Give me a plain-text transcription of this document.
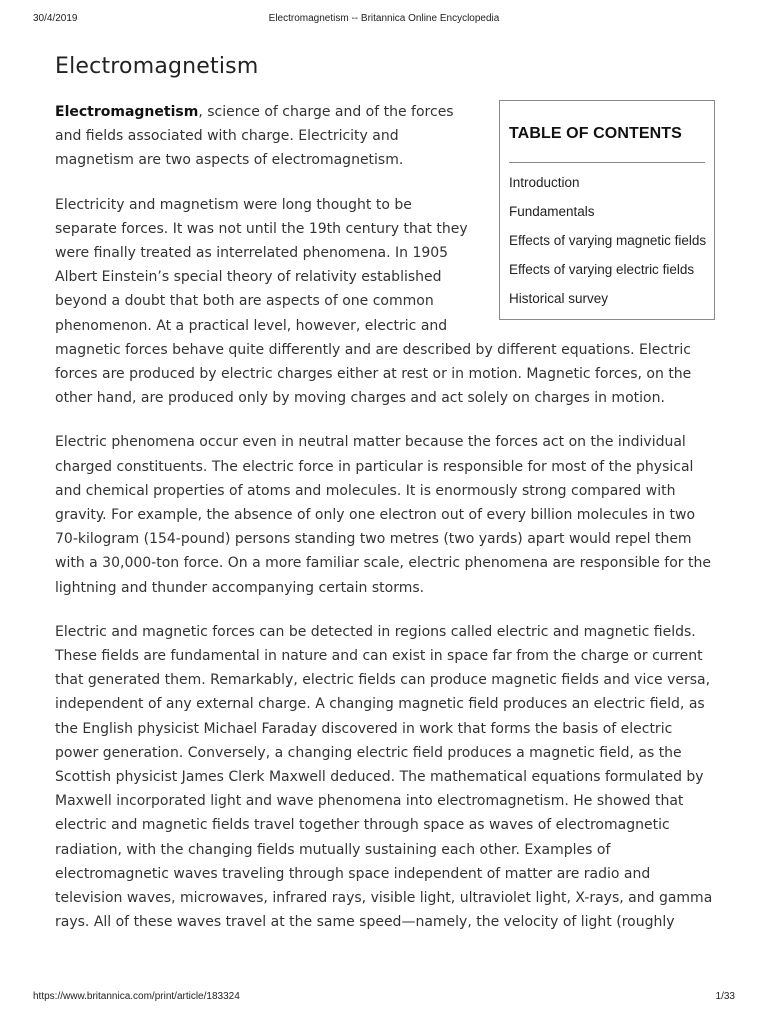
30/4/2019	Electromagnetism -- Britannica Online Encyclopedia
Electromagnetism
TABLE OF CONTENTS
Introduction
Fundamentals
Effects of varying magnetic fields
Effects of varying electric fields
Historical survey

Electromagnetism, science of charge and of the forces and fields associated with charge. Electricity and magnetism are two aspects of electromagnetism.

Electricity and magnetism were long thought to be separate forces. It was not until the 19th century that they were finally treated as interrelated phenomena. In 1905 Albert Einstein’s special theory of relativity established beyond a doubt that both are aspects of one common phenomenon. At a practical level, however, electric and magnetic forces behave quite differently and are described by different equations. Electric forces are produced by electric charges either at rest or in motion. Magnetic forces, on the other hand, are produced only by moving charges and act solely on charges in motion.

Electric phenomena occur even in neutral matter because the forces act on the individual charged constituents. The electric force in particular is responsible for most of the physical and chemical properties of atoms and molecules. It is enormously strong compared with gravity. For example, the absence of only one electron out of every billion molecules in two 70-kilogram (154-pound) persons standing two metres (two yards) apart would repel them with a 30,000-ton force. On a more familiar scale, electric phenomena are responsible for the lightning and thunder accompanying certain storms.

Electric and magnetic forces can be detected in regions called electric and magnetic fields. These fields are fundamental in nature and can exist in space far from the charge or current that generated them. Remarkably, electric fields can produce magnetic fields and vice versa, independent of any external charge. A changing magnetic field produces an electric field, as the English physicist Michael Faraday discovered in work that forms the basis of electric power generation. Conversely, a changing electric field produces a magnetic field, as the Scottish physicist James Clerk Maxwell deduced. The mathematical equations formulated by Maxwell incorporated light and wave phenomena into electromagnetism. He showed that electric and magnetic fields travel together through space as waves of electromagnetic radiation, with the changing fields mutually sustaining each other. Examples of electromagnetic waves traveling through space independent of matter are radio and television waves, microwaves, infrared rays, visible light, ultraviolet light, X-rays, and gamma rays. All of these waves travel at the same speed—namely, the velocity of light (roughly

https://www.britannica.com/print/article/183324	1/33
